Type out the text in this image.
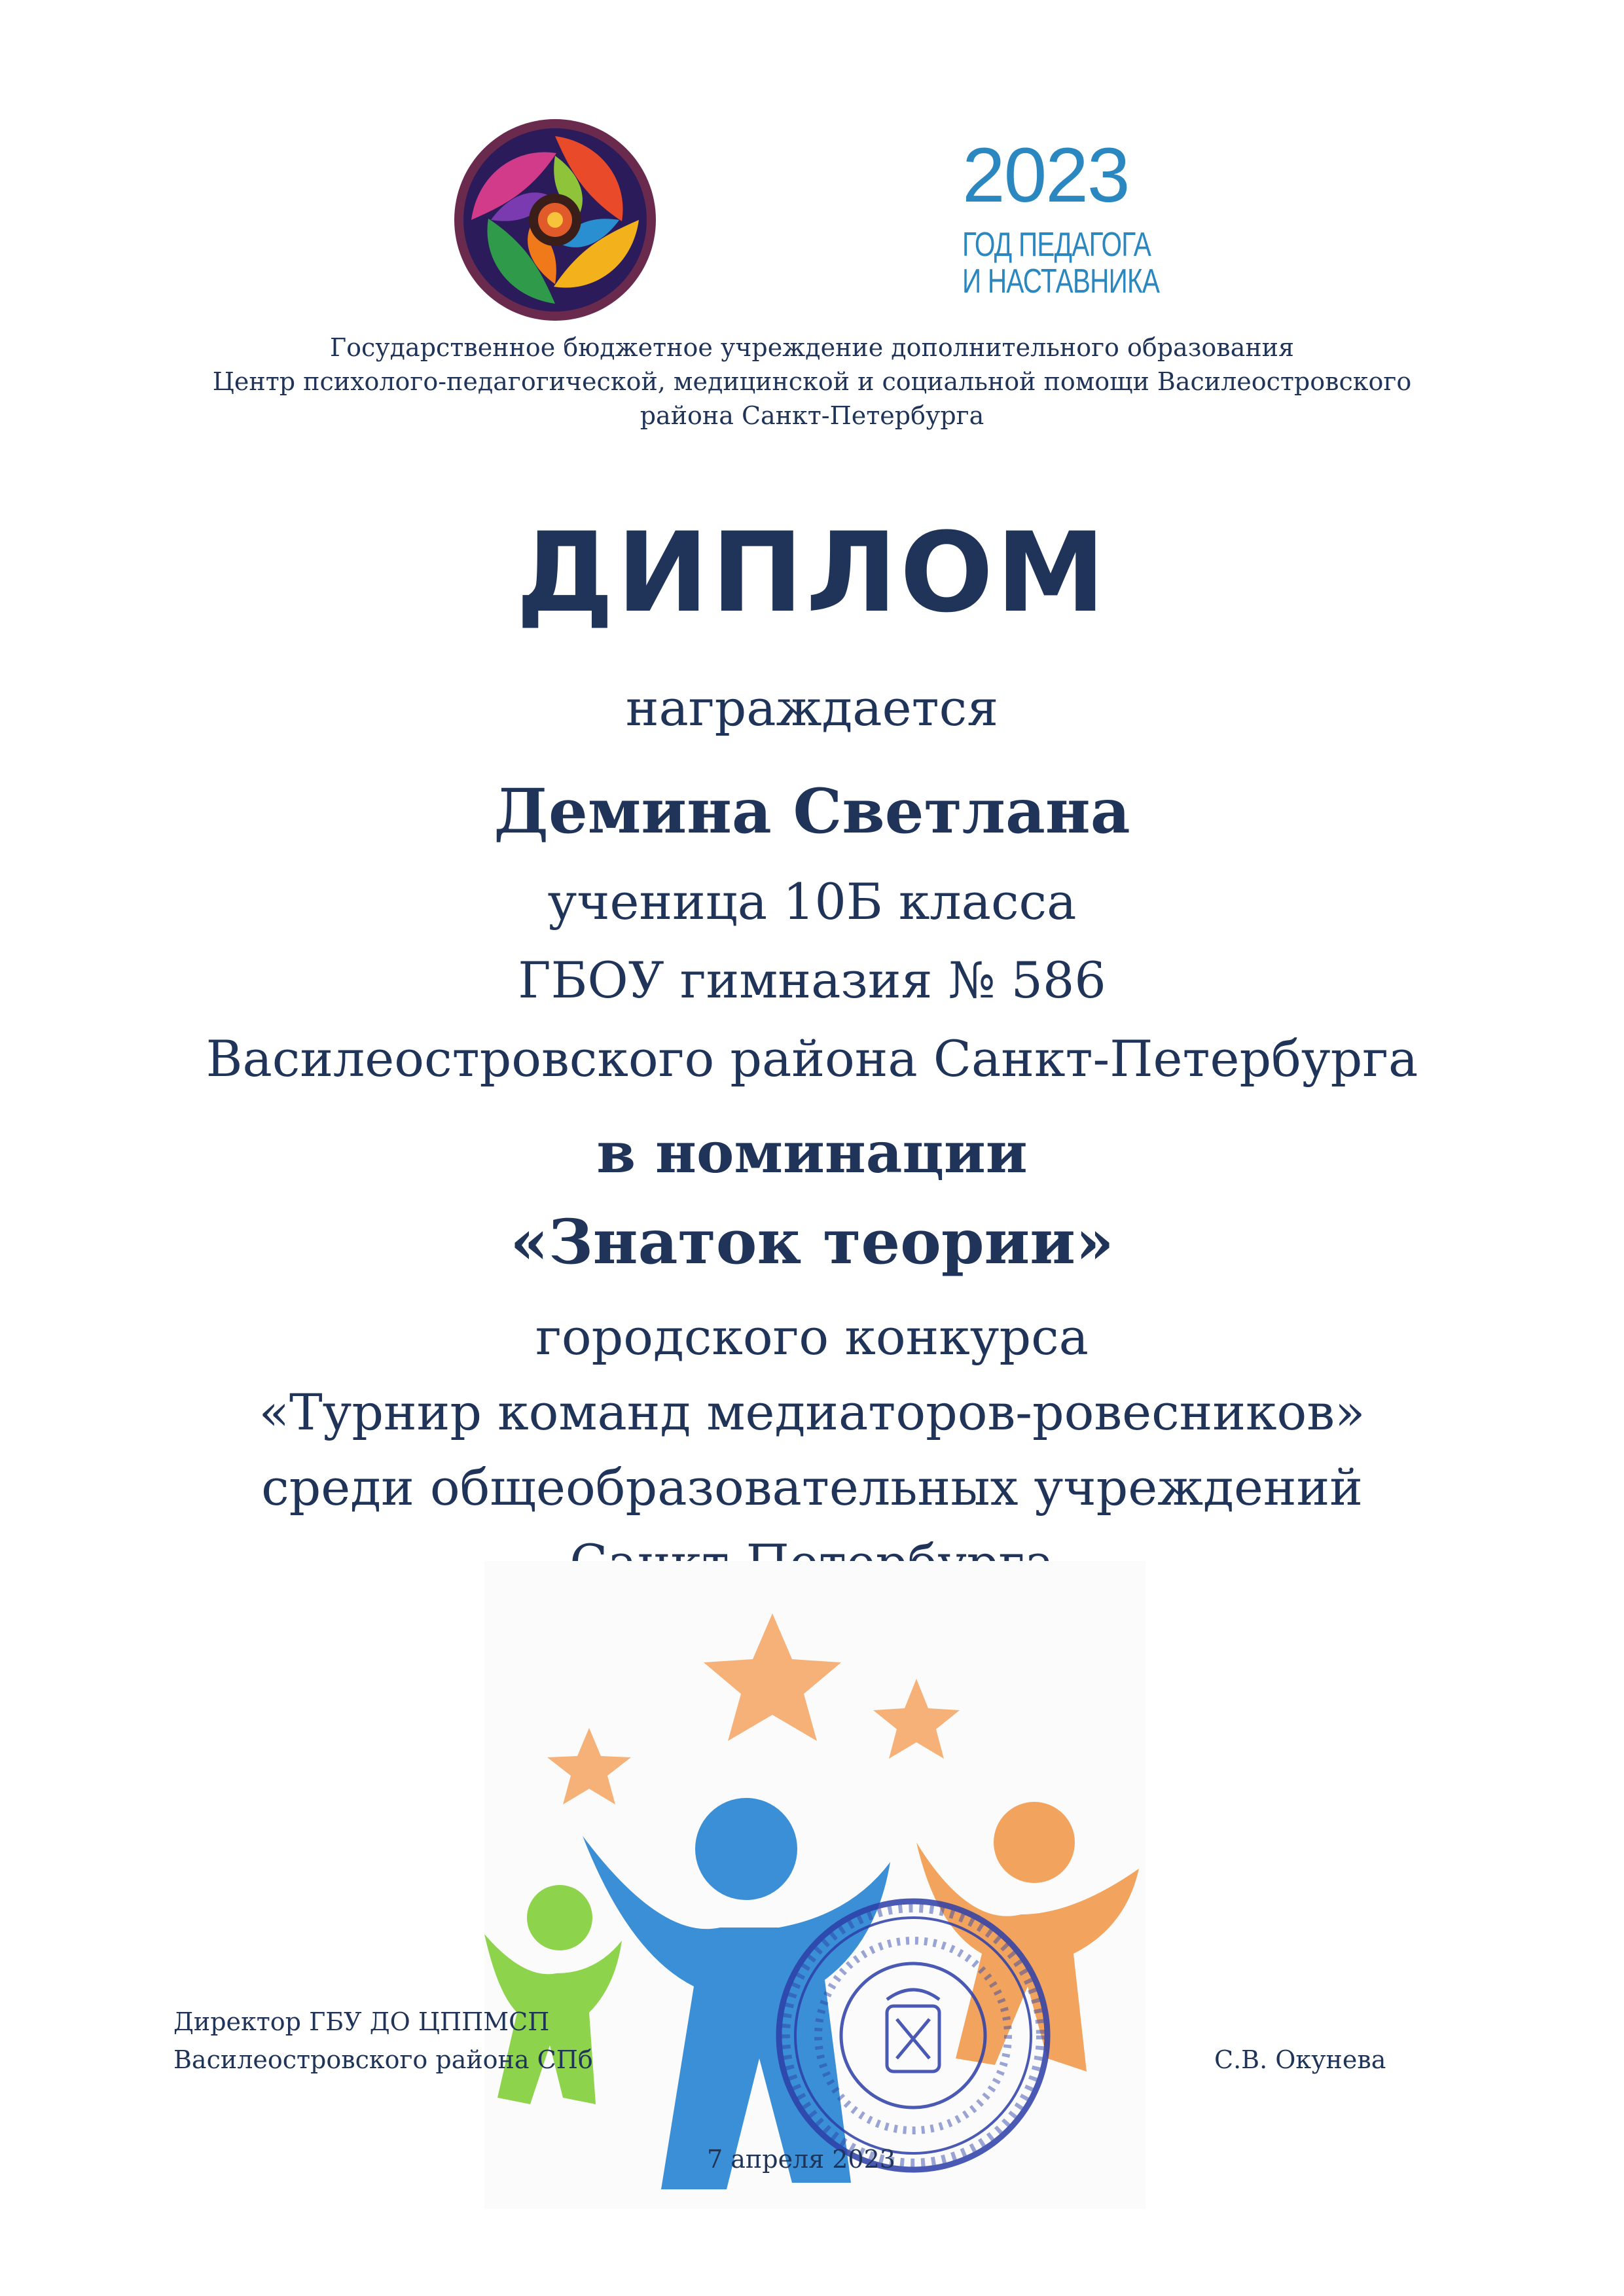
2023
ГОД ПЕДАГОГА
И НАСТАВНИКА
Государственное бюджетное учреждение дополнительного образования
Центр психолого-педагогической, медицинской и социальной помощи Василеостровского
района Санкт-Петербурга
ДИПЛОМ
награждается
Демина Светлана
ученица 10Б класса
ГБОУ гимназия № 586
Василеостровского района Санкт-Петербурга
в номинации
«Знаток теории»
городского конкурса
«Турнир команд медиаторов-ровесников»
среди общеобразовательных учреждений
Директор ГБУ ДО ЦППМСП
Василеостровского района СПб	С.В. Окунева
7 апреля 2023
